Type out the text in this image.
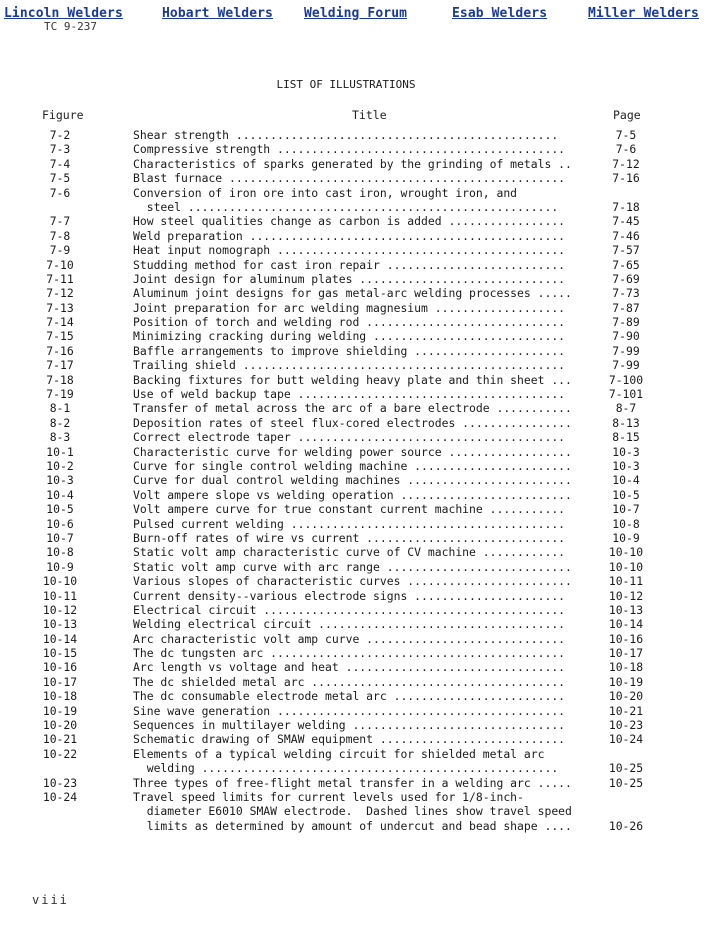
Lincoln Welders	Hobart Welders Welding Forum	Esab Welders	Miller Welders
TC 9-237
LIST OF ILLUSTRATIONS
Figure	Title	Page
7-2	Shear strength ...............................................	7-5
7-3	Compressive strength ..........................................	7-6
7-4	Characteristics of sparks generated by the grinding of metals ..	7-12
7-5	Blast furnace .................................................	7-16
7-6	Conversion of iron ore into cast iron, wrought iron, and
steel ......................................................	7-18
7-7	How steel qualities change as carbon is added .................	7-45
7-8	Weld preparation ..............................................	7-46
7-9	Heat input nomograph ..........................................	7-57
7-10	Studding method for cast iron repair ..........................	7-65
7-11	Joint design for aluminum plates ..............................	7-69
7-12	Aluminum joint designs for gas metal-arc welding processes .....	7-73
7-13	Joint preparation for arc welding magnesium ...................	7-87
7-14	Position of torch and welding rod .............................	7-89
7-15	Minimizing cracking during welding ............................	7-90
7-16	Baffle arrangements to improve shielding ......................	7-99
7-17	Trailing shield ...............................................	7-99
7-18	Backing fixtures for butt welding heavy plate and thin sheet ...	7-100
7-19	Use of weld backup tape .......................................	7-101
8-1	Transfer of metal across the arc of a bare electrode ...........	8-7
8-2	Deposition rates of steel flux-cored electrodes ................	8-13
8-3	Correct electrode taper .......................................	8-15
10-1	Characteristic curve for welding power source ..................	10-3
10-2	Curve for single control welding machine .......................	10-3
10-3	Curve for dual control welding machines ........................	10-4
10-4	Volt ampere slope vs welding operation .........................	10-5
10-5	Volt ampere curve for true constant current machine ...........	10-7
10-6	Pulsed current welding ........................................	10-8
10-7	Burn-off rates of wire vs current .............................	10-9
10-8	Static volt amp characteristic curve of CV machine ............	10-10
10-9	Static volt amp curve with arc range ...........................	10-10
10-10	Various slopes of characteristic curves ........................	10-11
10-11	Current density--various electrode signs ......................	10-12
10-12	Electrical circuit ............................................	10-13
10-13	Welding electrical circuit ....................................	10-14
10-14	Arc characteristic volt amp curve .............................	10-16
10-15	The dc tungsten arc ...........................................	10-17
10-16	Arc length vs voltage and heat ................................	10-18
10-17	The dc shielded metal arc .....................................	10-19
10-18	The dc consumable electrode metal arc .........................	10-20
10-19	Sine wave generation ..........................................	10-21
10-20	Sequences in multilayer welding ...............................	10-23
10-21	Schematic drawing of SMAW equipment ...........................	10-24
10-22	Elements of a typical welding circuit for shielded metal arc
welding ....................................................	10-25
10-23	Three types of free-flight metal transfer in a welding arc .....	10-25
10-24	Travel speed limits for current levels used for 1/8-inch-
diameter E6010 SMAW electrode.  Dashed lines show travel speed
limits as determined by amount of undercut and bead shape ....	10-26
viii
